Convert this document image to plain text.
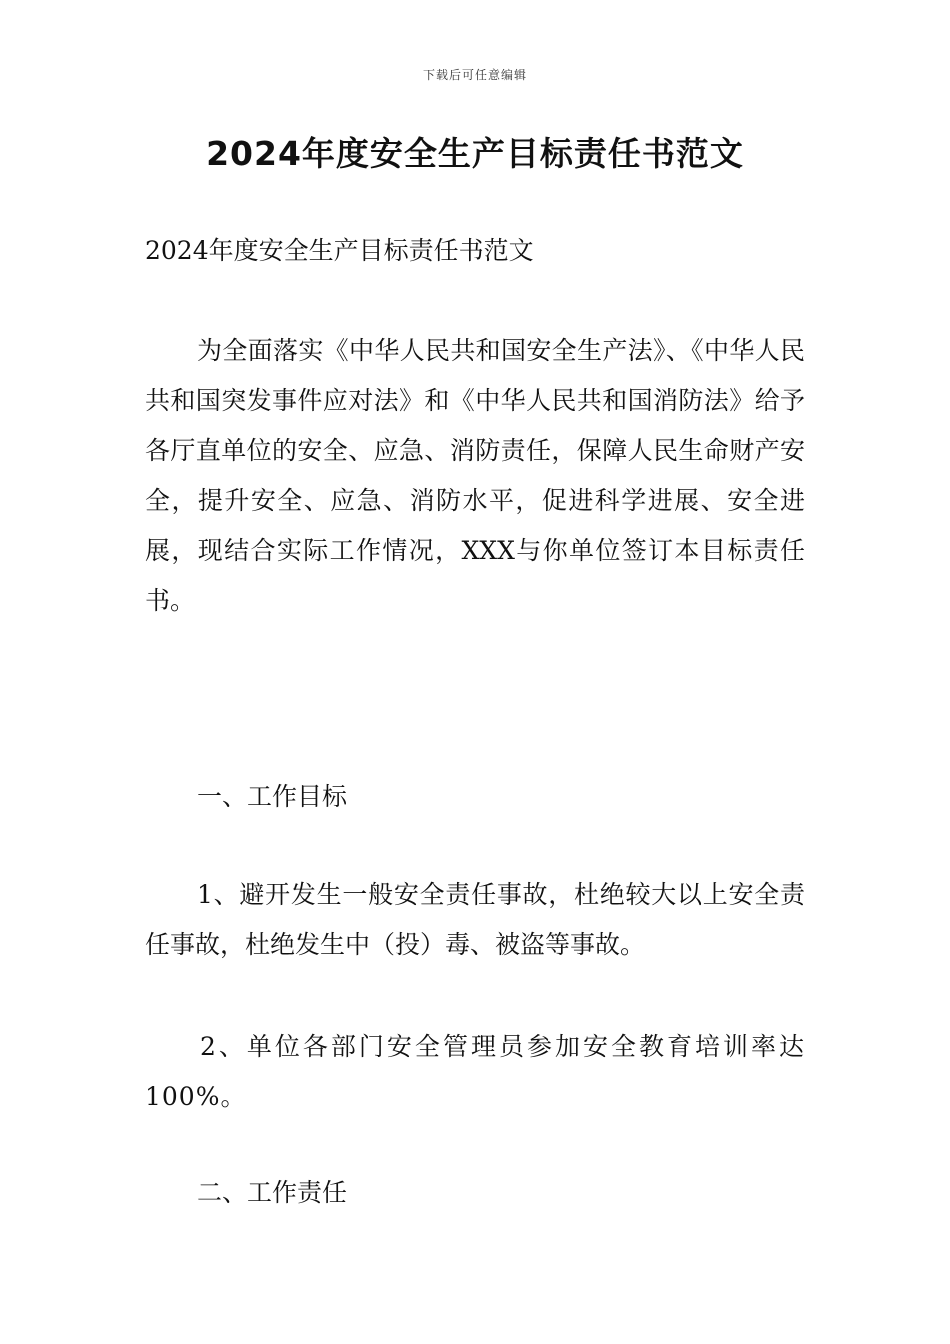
下载后可任意编辑
2024年度安全生产目标责任书范文

2024年度安全生产目标责任书范文

为全面落实《中华人民共和国安全生产法》、《中华人民共和国突发事件应对法》和《中华人民共和国消防法》给予各厅直单位的安全、应急、消防责任，保障人民生命财产安全，提升安全、应急、消防水平，促进科学进展、安全进展，现结合实际工作情况，XXX与你单位签订本目标责任书。

一、工作目标

1、避开发生一般安全责任事故，杜绝较大以上安全责任事故，杜绝发生中（投）毒、被盗等事故。

2、单位各部门安全管理员参加安全教育培训率达100%。

二、工作责任
